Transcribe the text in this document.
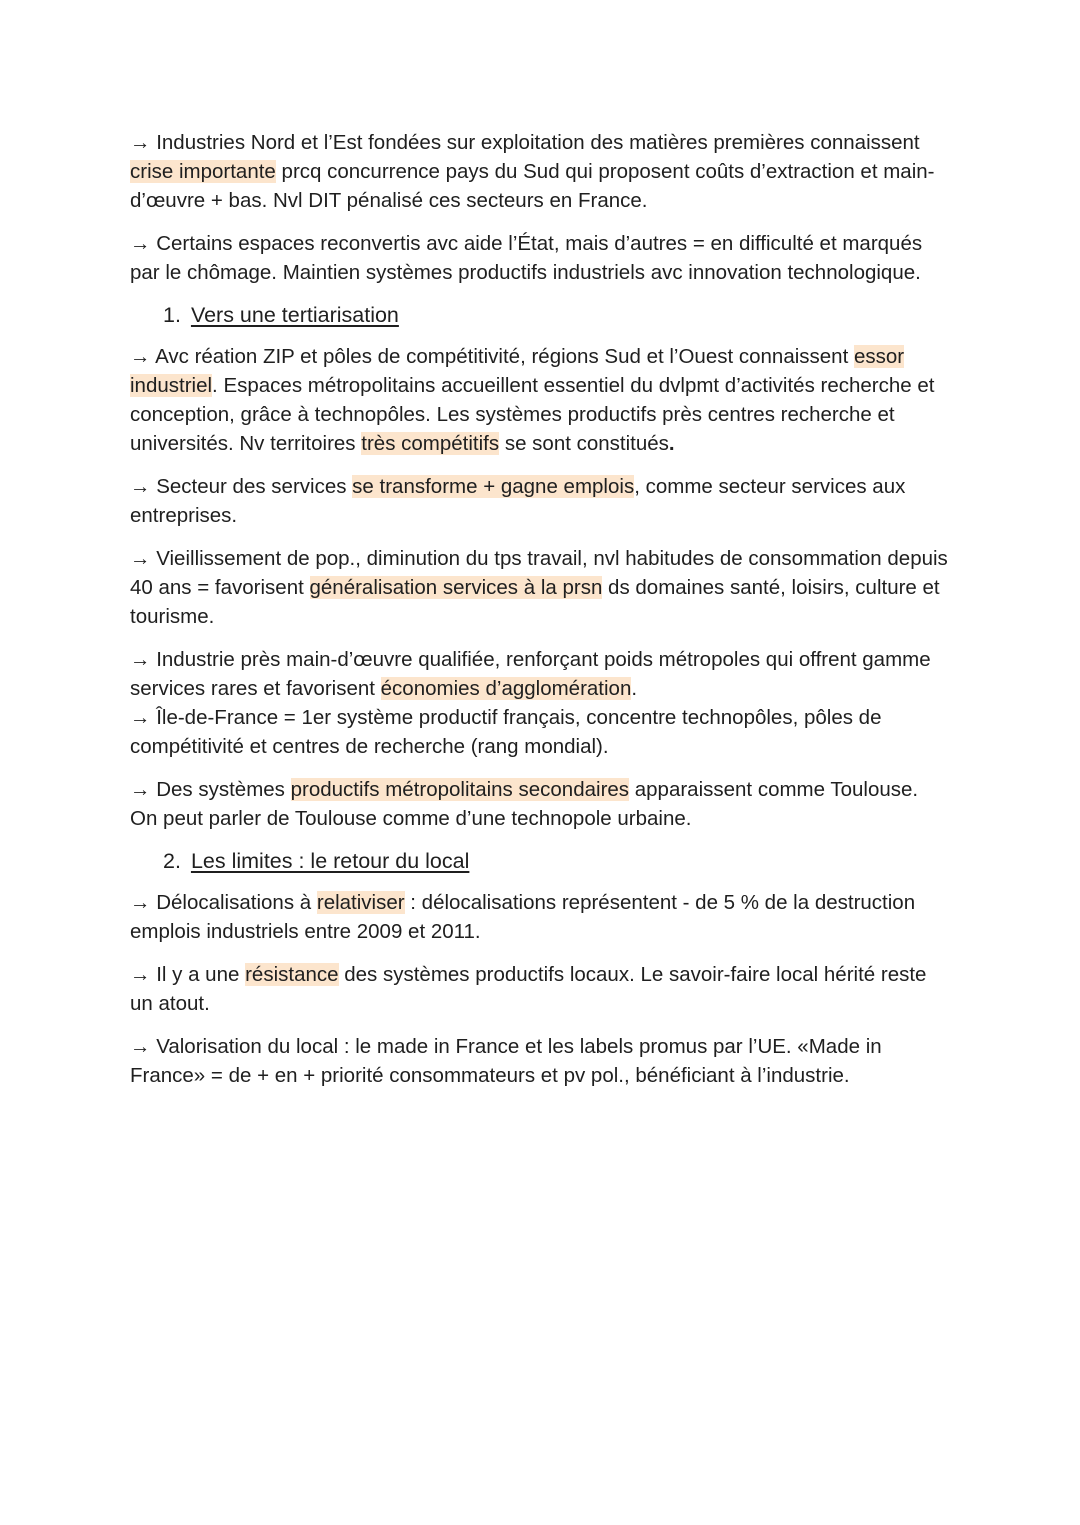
→ Industries Nord et l’Est fondées sur exploitation des matières premières connaissent crise importante prcq concurrence pays du Sud qui proposent coûts d’extraction et main-d’œuvre + bas. Nvl DIT pénalisé ces secteurs en France.

→ Certains espaces reconvertis avc aide l’État, mais d’autres = en difficulté et marqués par le chômage. Maintien systèmes productifs industriels avc innovation technologique.

1. Vers une tertiarisation

→ Avc réation ZIP et pôles de compétitivité, régions Sud et l’Ouest connaissent essor industriel. Espaces métropolitains accueillent essentiel du dvlpmt d’activités recherche et conception, grâce à technopôles. Les systèmes productifs près centres recherche et universités. Nv territoires très compétitifs se sont constitués.

→ Secteur des services se transforme + gagne emplois, comme secteur services aux entreprises.

→ Vieillissement de pop., diminution du tps travail, nvl habitudes de consommation depuis 40 ans = favorisent généralisation services à la prsn ds domaines santé, loisirs, culture et tourisme.

→ Industrie près main-d’œuvre qualifiée, renforçant poids métropoles qui offrent gamme services rares et favorisent économies d’agglomération.

→ Île-de-France = 1er système productif français, concentre technopôles, pôles de compétitivité et centres de recherche (rang mondial).

→ Des systèmes productifs métropolitains secondaires apparaissent comme Toulouse. On peut parler de Toulouse comme d’une technopole urbaine.

2. Les limites : le retour du local

→ Délocalisations à relativiser : délocalisations représentent - de 5 % de la destruction emplois industriels entre 2009 et 2011.

→ Il y a une résistance des systèmes productifs locaux. Le savoir-faire local hérité reste un atout.

→ Valorisation du local : le made in France et les labels promus par l’UE. «Made in France» = de + en + priorité consommateurs et pv pol., bénéficiant à l’industrie.
